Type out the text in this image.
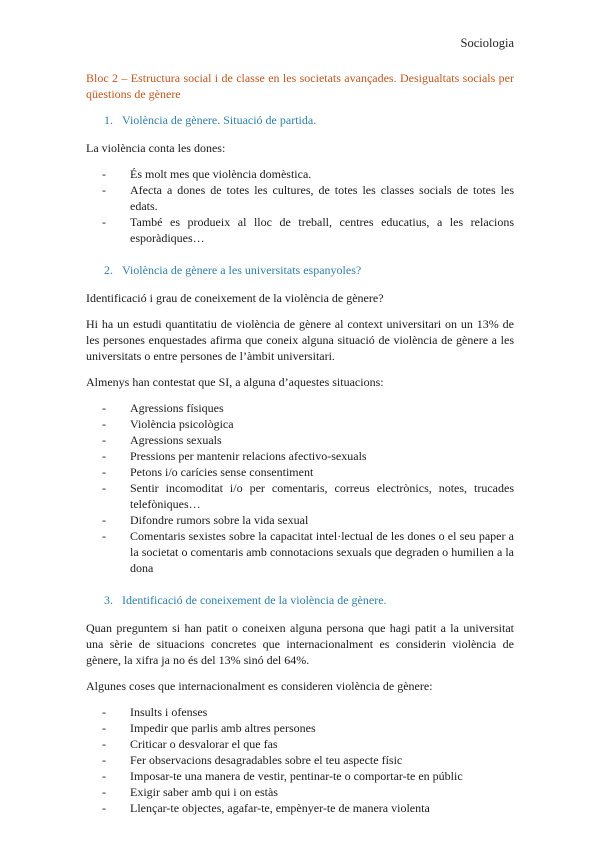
Sociologia

Bloc 2 – Estructura social i de classe en les societats avançades. Desigualtats socials per qüestions de gènere

1. Violència de gènere. Situació de partida.

La violència conta les dones:

-	És molt mes que violència domèstica.
-	Afecta a dones de totes les cultures, de totes les classes socials de totes les edats.
-	També es produeix al lloc de treball, centres educatius, a les relacions esporàdiques…
2. Violència de gènere a les universitats espanyoles?

Identificació i grau de coneixement de la violència de gènere?

Hi ha un estudi quantitatiu de violència de gènere al context universitari on un 13% de les persones enquestades afirma que coneix alguna situació de violència de gènere a les universitats o entre persones de l’àmbit universitari.

Almenys han contestat que SI, a alguna d’aquestes situacions:

-	Agressions físiques
-	Violència psicològica
-	Agressions sexuals
-	Pressions per mantenir relacions afectivo-sexuals
-	Petons i/o carícies sense consentiment
-	Sentir incomoditat i/o per comentaris, correus electrònics, notes, trucades telefòniques…
-	Difondre rumors sobre la vida sexual
-	Comentaris sexistes sobre la capacitat intel·lectual de les dones o el seu paper a la societat o comentaris amb connotacions sexuals que degraden o humilien a la dona
3. Identificació de coneixement de la violència de gènere.

Quan preguntem si han patit o coneixen alguna persona que hagi patit a la universitat una sèrie de situacions concretes que internacionalment es considerin violència de gènere, la xifra ja no és del 13% sinó del 64%.

Algunes coses que internacionalment es consideren violència de gènere:

-	Insults i ofenses
-	Impedir que parlis amb altres persones
-	Criticar o desvalorar el que fas
-	Fer observacions desagradables sobre el teu aspecte físic
-	Imposar-te una manera de vestir, pentinar-te o comportar-te en públic
-	Exigir saber amb qui i on estàs
-	Llençar-te objectes, agafar-te, empènyer-te de manera violenta
